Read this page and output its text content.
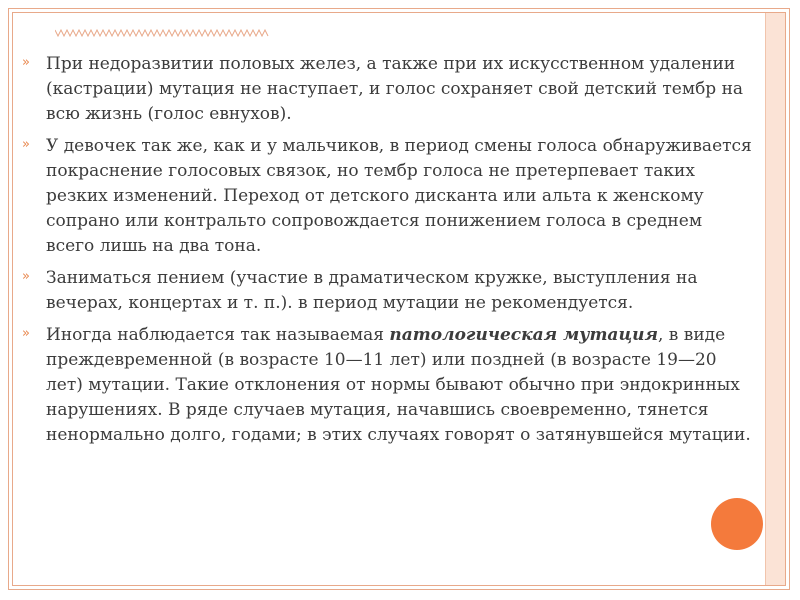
» При недоразвитии половых желез, а также при их искусственном удалении (кастрации) мутация не наступает, и голос сохраняет свой детский тембр на всю жизнь (голос евнухов).
» У девочек так же, как и у мальчиков, в период смены голоса обнаруживается покраснение голосовых связок, но тембр голоса не претерпевает таких резких изменений. Переход от детского дисканта или альта к женскому сопрано или контральто сопровождается понижением голоса в среднем всего лишь на два тона.
» Заниматься пением (участие в драматическом кружке, выступления на вечерах, концертах и т. п.). в период мутации не рекомендуется.
» Иногда наблюдается так называемая патологическая мутация, в виде преждевременной (в возрасте 10—11 лет) или поздней (в возрасте 19—20 лет) мутации. Такие отклонения от нормы бывают обычно при эндокринных нарушениях. В ряде случаев мутация, начавшись своевременно, тянется ненормально долго, годами; в этих случаях говорят о затянувшейся мутации.
